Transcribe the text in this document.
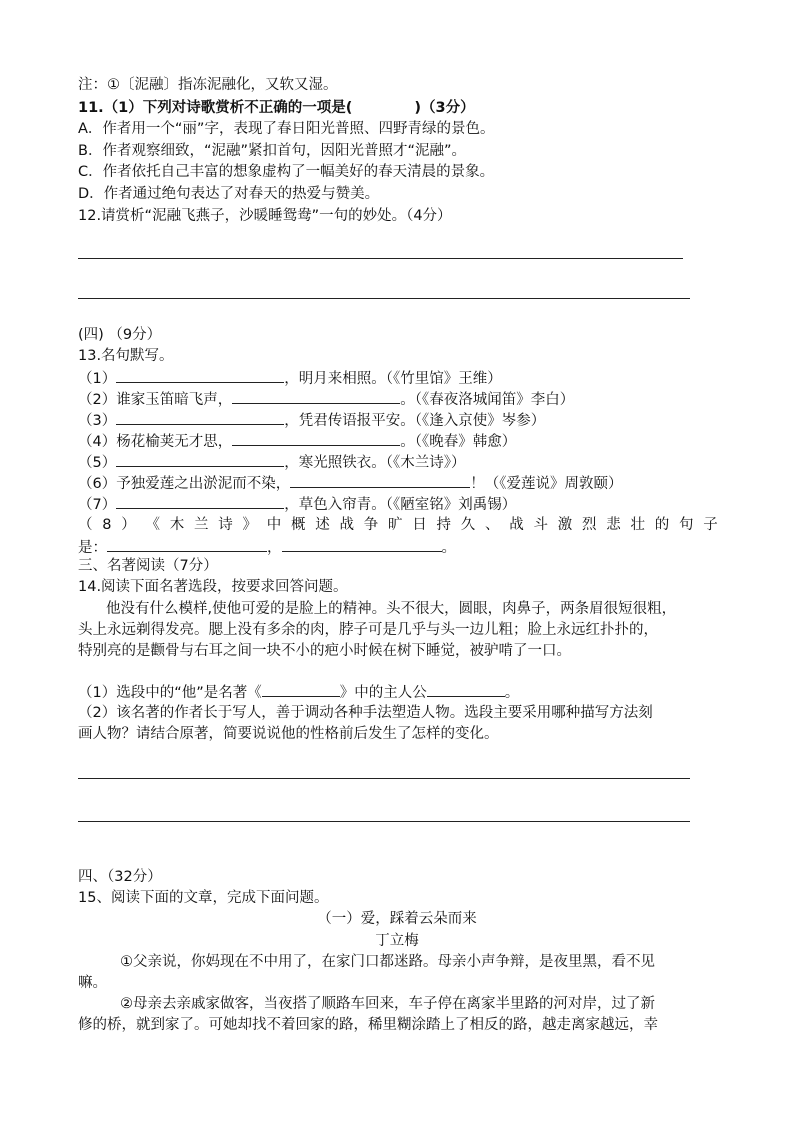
注：①〔泥融〕指冻泥融化，又软又湿。
11.（1）下列对诗歌赏析不正确的一项是(	)（3分）
A．作者用一个“丽”字，表现了春日阳光普照、四野青绿的景色。
B．作者观察细致，“泥融”紧扣首句，因阳光普照才“泥融”。
C．作者依托自己丰富的想象虚构了一幅美好的春天清晨的景象。
D．作者通过绝句表达了对春天的热爱与赞美。
12.请赏析“泥融飞燕子，沙暖睡鸳鸯”一句的妙处。（4分）
(四) （9分）
13.名句默写。
（1）	，明月来相照。（《竹里馆》王维）
（2）谁家玉笛暗飞声，	。（《春夜洛城闻笛》李白）
（3）	，凭君传语报平安。（《逢入京使》岑参）
（4）杨花榆荚无才思，	。（《晚春》韩愈）
（5）	，寒光照铁衣。（《木兰诗》）
（6）予独爱莲之出淤泥而不染，	！（《爱莲说》周敦颐）
（7）	，草色入帘青。（《陋室铭》刘禹锡）
（ 8 ） 《 木 兰 诗 》 中 概 述 战 争 旷 日 持 久 、 战 斗 激 烈 悲 壮 的 句 子
是：	，	。
三、名著阅读（7分）
14.阅读下面名著选段，按要求回答问题。
他没有什么模样,使他可爱的是脸上的精神。头不很大，圆眼，肉鼻子，两条眉很短很粗，
头上永远剃得发亮。腮上没有多余的肉，脖子可是几乎与头一边儿粗；脸上永远红扑扑的，
特别亮的是颧骨与右耳之间一块不小的疤小时候在树下睡觉，被驴啃了一口。
（1）选段中的“他”是名著《	》中的主人公	。
（2）该名著的作者长于写人，善于调动各种手法塑造人物。选段主要采用哪种描写方法刻
画人物？请结合原著，简要说说他的性格前后发生了怎样的变化。
四、（32分）
15、阅读下面的文章，完成下面问题。
（一）爱，踩着云朵而来
丁立梅
①父亲说，你妈现在不中用了，在家门口都迷路。母亲小声争辩，是夜里黑，看不见
嘛。
②母亲去亲戚家做客，当夜搭了顺路车回来，车子停在离家半里路的河对岸，过了新
修的桥，就到家了。可她却找不着回家的路，稀里糊涂踏上了相反的路，越走离家越远，幸
